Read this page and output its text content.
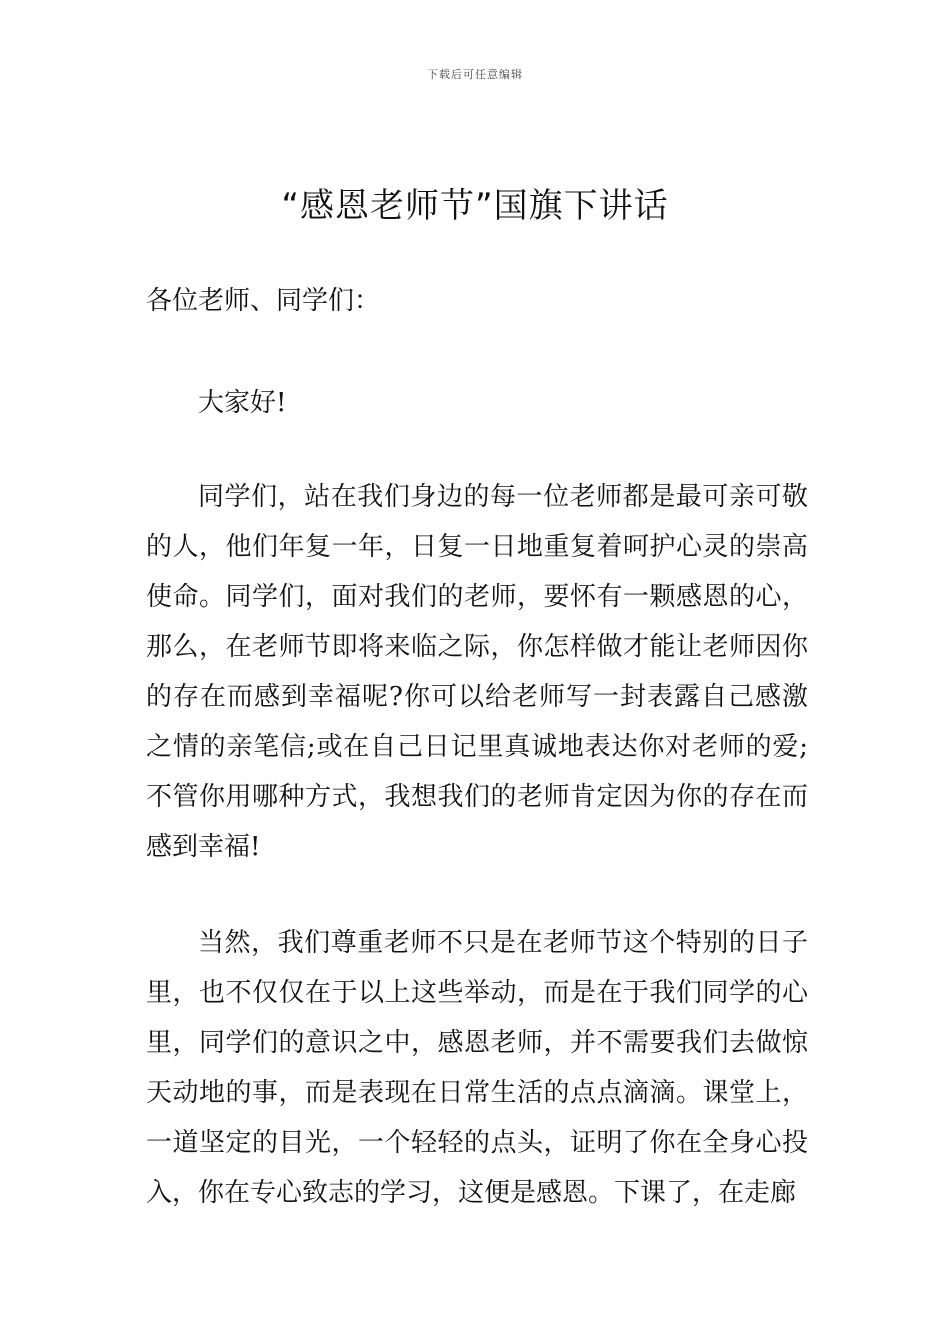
下载后可任意编辑
“感恩老师节”国旗下讲话
各位老师、同学们：
大家好!
同学们，站在我们身边的每一位老师都是最可亲可敬的人，他们年复一年，日复一日地重复着呵护心灵的崇高使命。同学们，面对我们的老师，要怀有一颗感恩的心，那么，在老师节即将来临之际，你怎样做才能让老师因你的存在而感到幸福呢?你可以给老师写一封表露自己感激之情的亲笔信;或在自己日记里真诚地表达你对老师的爱;不管你用哪种方式，我想我们的老师肯定因为你的存在而感到幸福!
当然，我们尊重老师不只是在老师节这个特别的日子里，也不仅仅在于以上这些举动，而是在于我们同学的心里，同学们的意识之中，感恩老师，并不需要我们去做惊天动地的事，而是表现在日常生活的点点滴滴。课堂上，一道坚定的目光，一个轻轻的点头，证明了你在全身心投入，你在专心致志的学习，这便是感恩。下课了，在走廊
